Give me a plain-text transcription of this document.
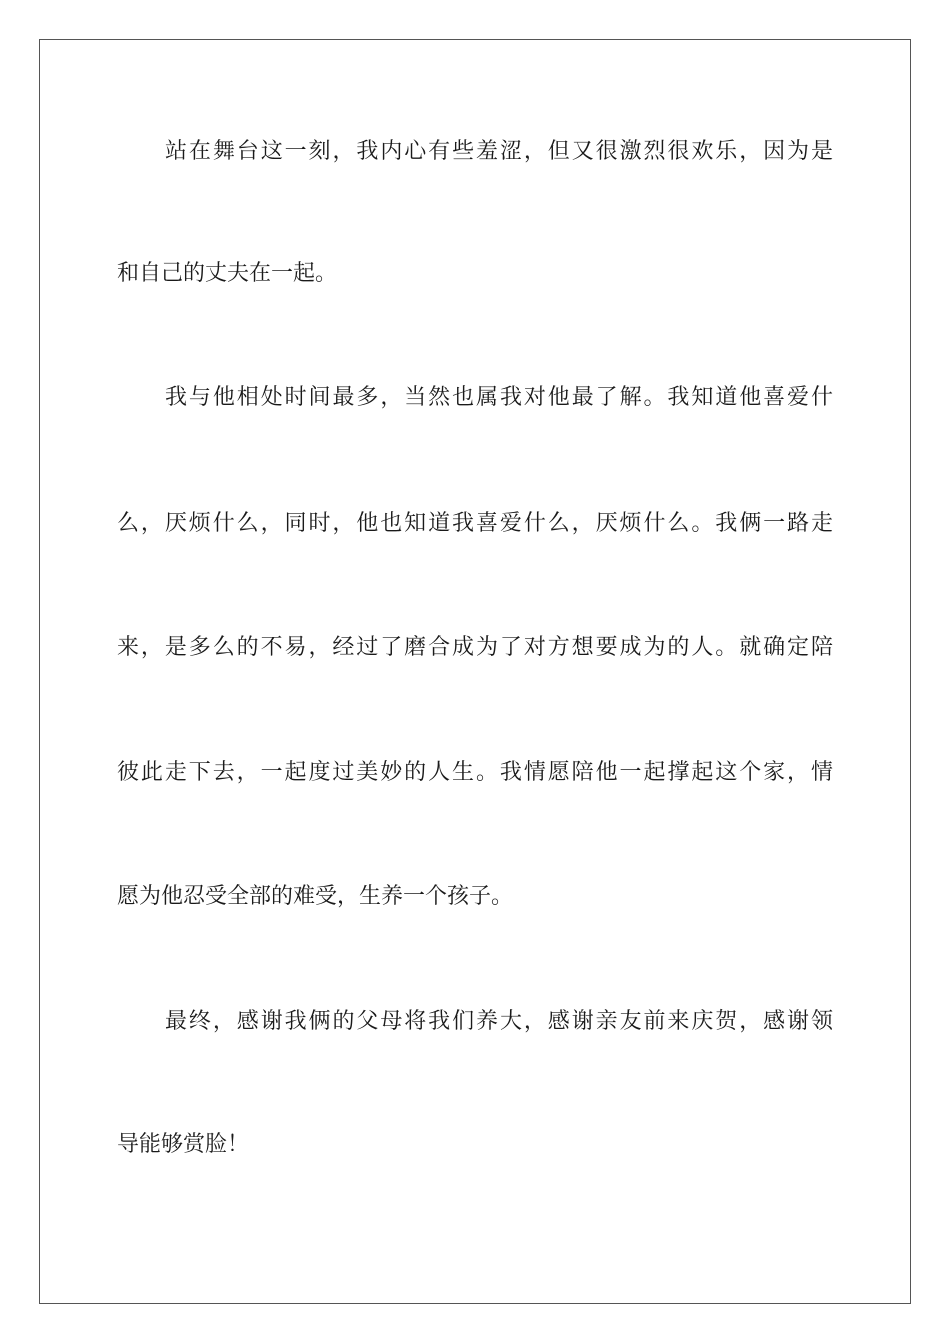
站在舞台这一刻，我内心有些羞涩，但又很激烈很欢乐，因为是
和自己的丈夫在一起。
我与他相处时间最多，当然也属我对他最了解。我知道他喜爱什
么，厌烦什么，同时，他也知道我喜爱什么，厌烦什么。我俩一路走
来，是多么的不易，经过了磨合成为了对方想要成为的人。就确定陪
彼此走下去，一起度过美妙的人生。我情愿陪他一起撑起这个家，情
愿为他忍受全部的难受，生养一个孩子。
最终，感谢我俩的父母将我们养大，感谢亲友前来庆贺，感谢领
导能够赏脸！
